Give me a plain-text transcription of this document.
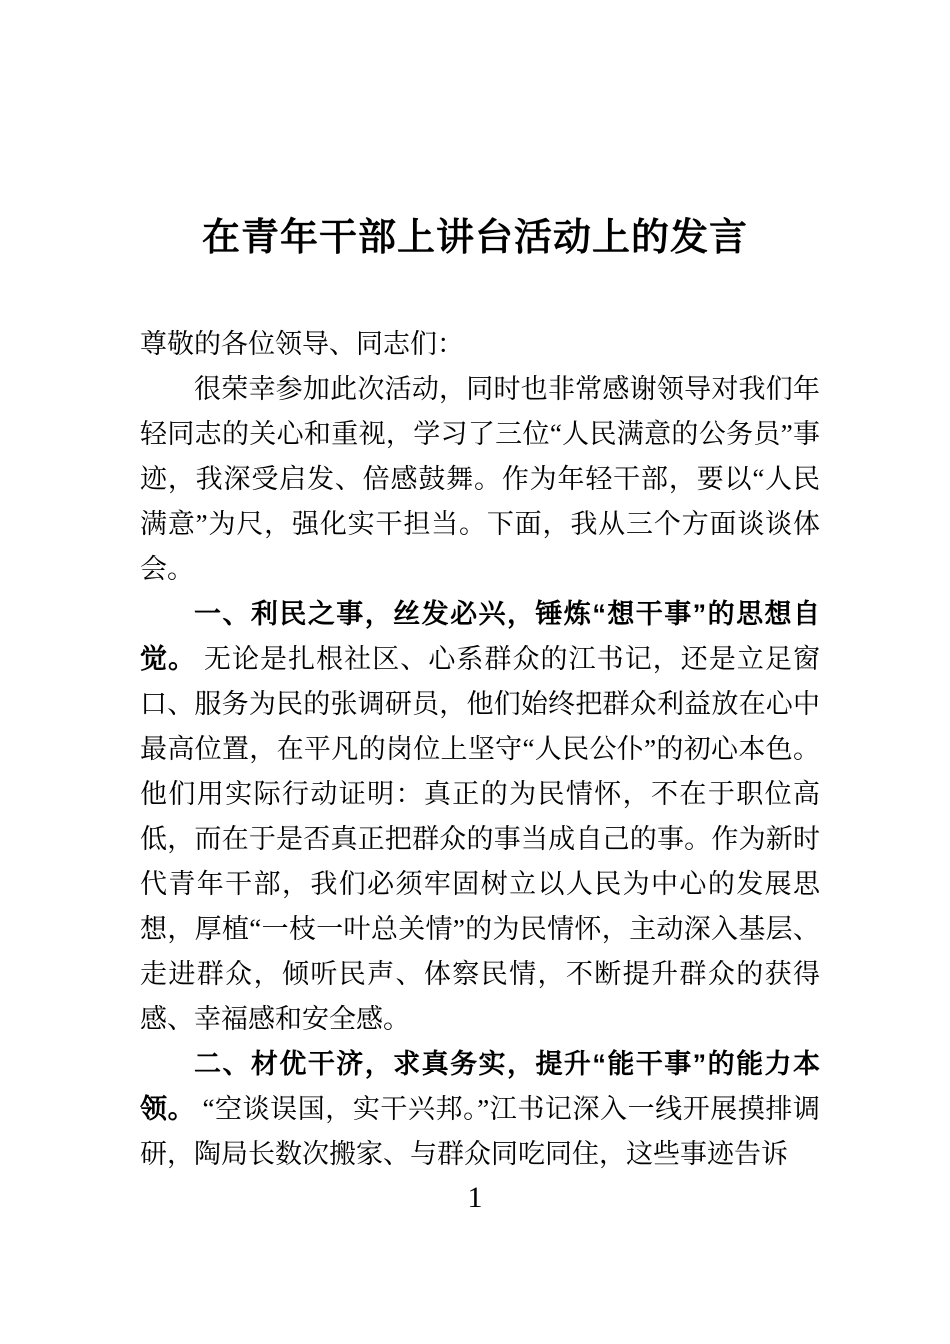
在青年干部上讲台活动上的发言

尊敬的各位领导、同志们：

很荣幸参加此次活动，同时也非常感谢领导对我们年轻同志的关心和重视，学习了三位“人民满意的公务员”事迹，我深受启发、倍感鼓舞。作为年轻干部，要以“人民满意”为尺，强化实干担当。下面，我从三个方面谈谈体会。

一、利民之事，丝发必兴，锤炼“想干事”的思想自觉。 无论是扎根社区、心系群众的江书记，还是立足窗口、服务为民的张调研员，他们始终把群众利益放在心中最高位置，在平凡的岗位上坚守“人民公仆”的初心本色。他们用实际行动证明：真正的为民情怀，不在于职位高低，而在于是否真正把群众的事当成自己的事。作为新时代青年干部，我们必须牢固树立以人民为中心的发展思想，厚植“一枝一叶总关情”的为民情怀，主动深入基层、走进群众，倾听民声、体察民情，不断提升群众的获得感、幸福感和安全感。

二、材优干济，求真务实，提升“能干事”的能力本领。 “空谈误国，实干兴邦。”江书记深入一线开展摸排调研，陶局长数次搬家、与群众同吃同住，这些事迹告诉

1
